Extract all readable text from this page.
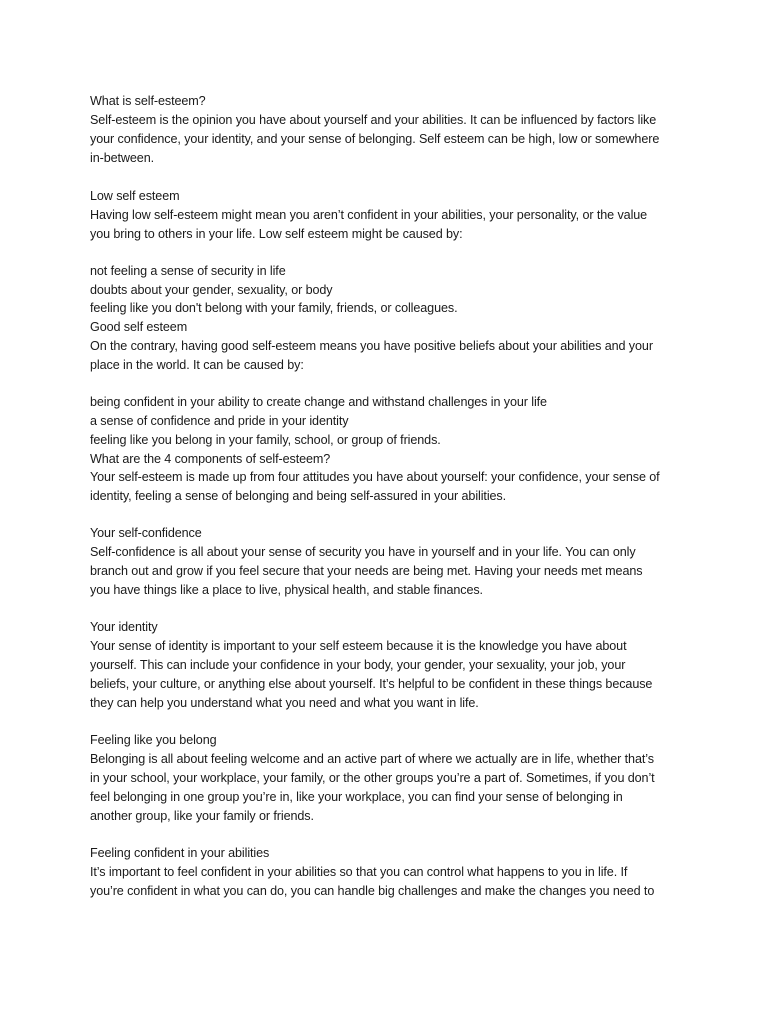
What is self-esteem?

Self-esteem is the opinion you have about yourself and your abilities. It can be influenced by factors like

your confidence, your identity, and your sense of belonging. Self esteem can be high, low or somewhere

in-between.

Low self esteem

Having low self-esteem might mean you aren’t confident in your abilities, your personality, or the value

you bring to others in your life. Low self esteem might be caused by:

not feeling a sense of security in life

doubts about your gender, sexuality, or body

feeling like you don't belong with your family, friends, or colleagues.

Good self esteem

On the contrary, having good self-esteem means you have positive beliefs about your abilities and your

place in the world. It can be caused by:

being confident in your ability to create change and withstand challenges in your life

a sense of confidence and pride in your identity

feeling like you belong in your family, school, or group of friends.

What are the 4 components of self-esteem?

Your self-esteem is made up from four attitudes you have about yourself: your confidence, your sense of

identity, feeling a sense of belonging and being self-assured in your abilities.

Your self-confidence

Self-confidence is all about your sense of security you have in yourself and in your life. You can only

branch out and grow if you feel secure that your needs are being met. Having your needs met means

you have things like a place to live, physical health, and stable finances.

Your identity

Your sense of identity is important to your self esteem because it is the knowledge you have about

yourself. This can include your confidence in your body, your gender, your sexuality, your job, your

beliefs, your culture, or anything else about yourself. It’s helpful to be confident in these things because

they can help you understand what you need and what you want in life.

Feeling like you belong

Belonging is all about feeling welcome and an active part of where we actually are in life, whether that’s

in your school, your workplace, your family, or the other groups you’re a part of. Sometimes, if you don’t

feel belonging in one group you’re in, like your workplace, you can find your sense of belonging in

another group, like your family or friends.

Feeling confident in your abilities

It’s important to feel confident in your abilities so that you can control what happens to you in life. If

you’re confident in what you can do, you can handle big challenges and make the changes you need to
